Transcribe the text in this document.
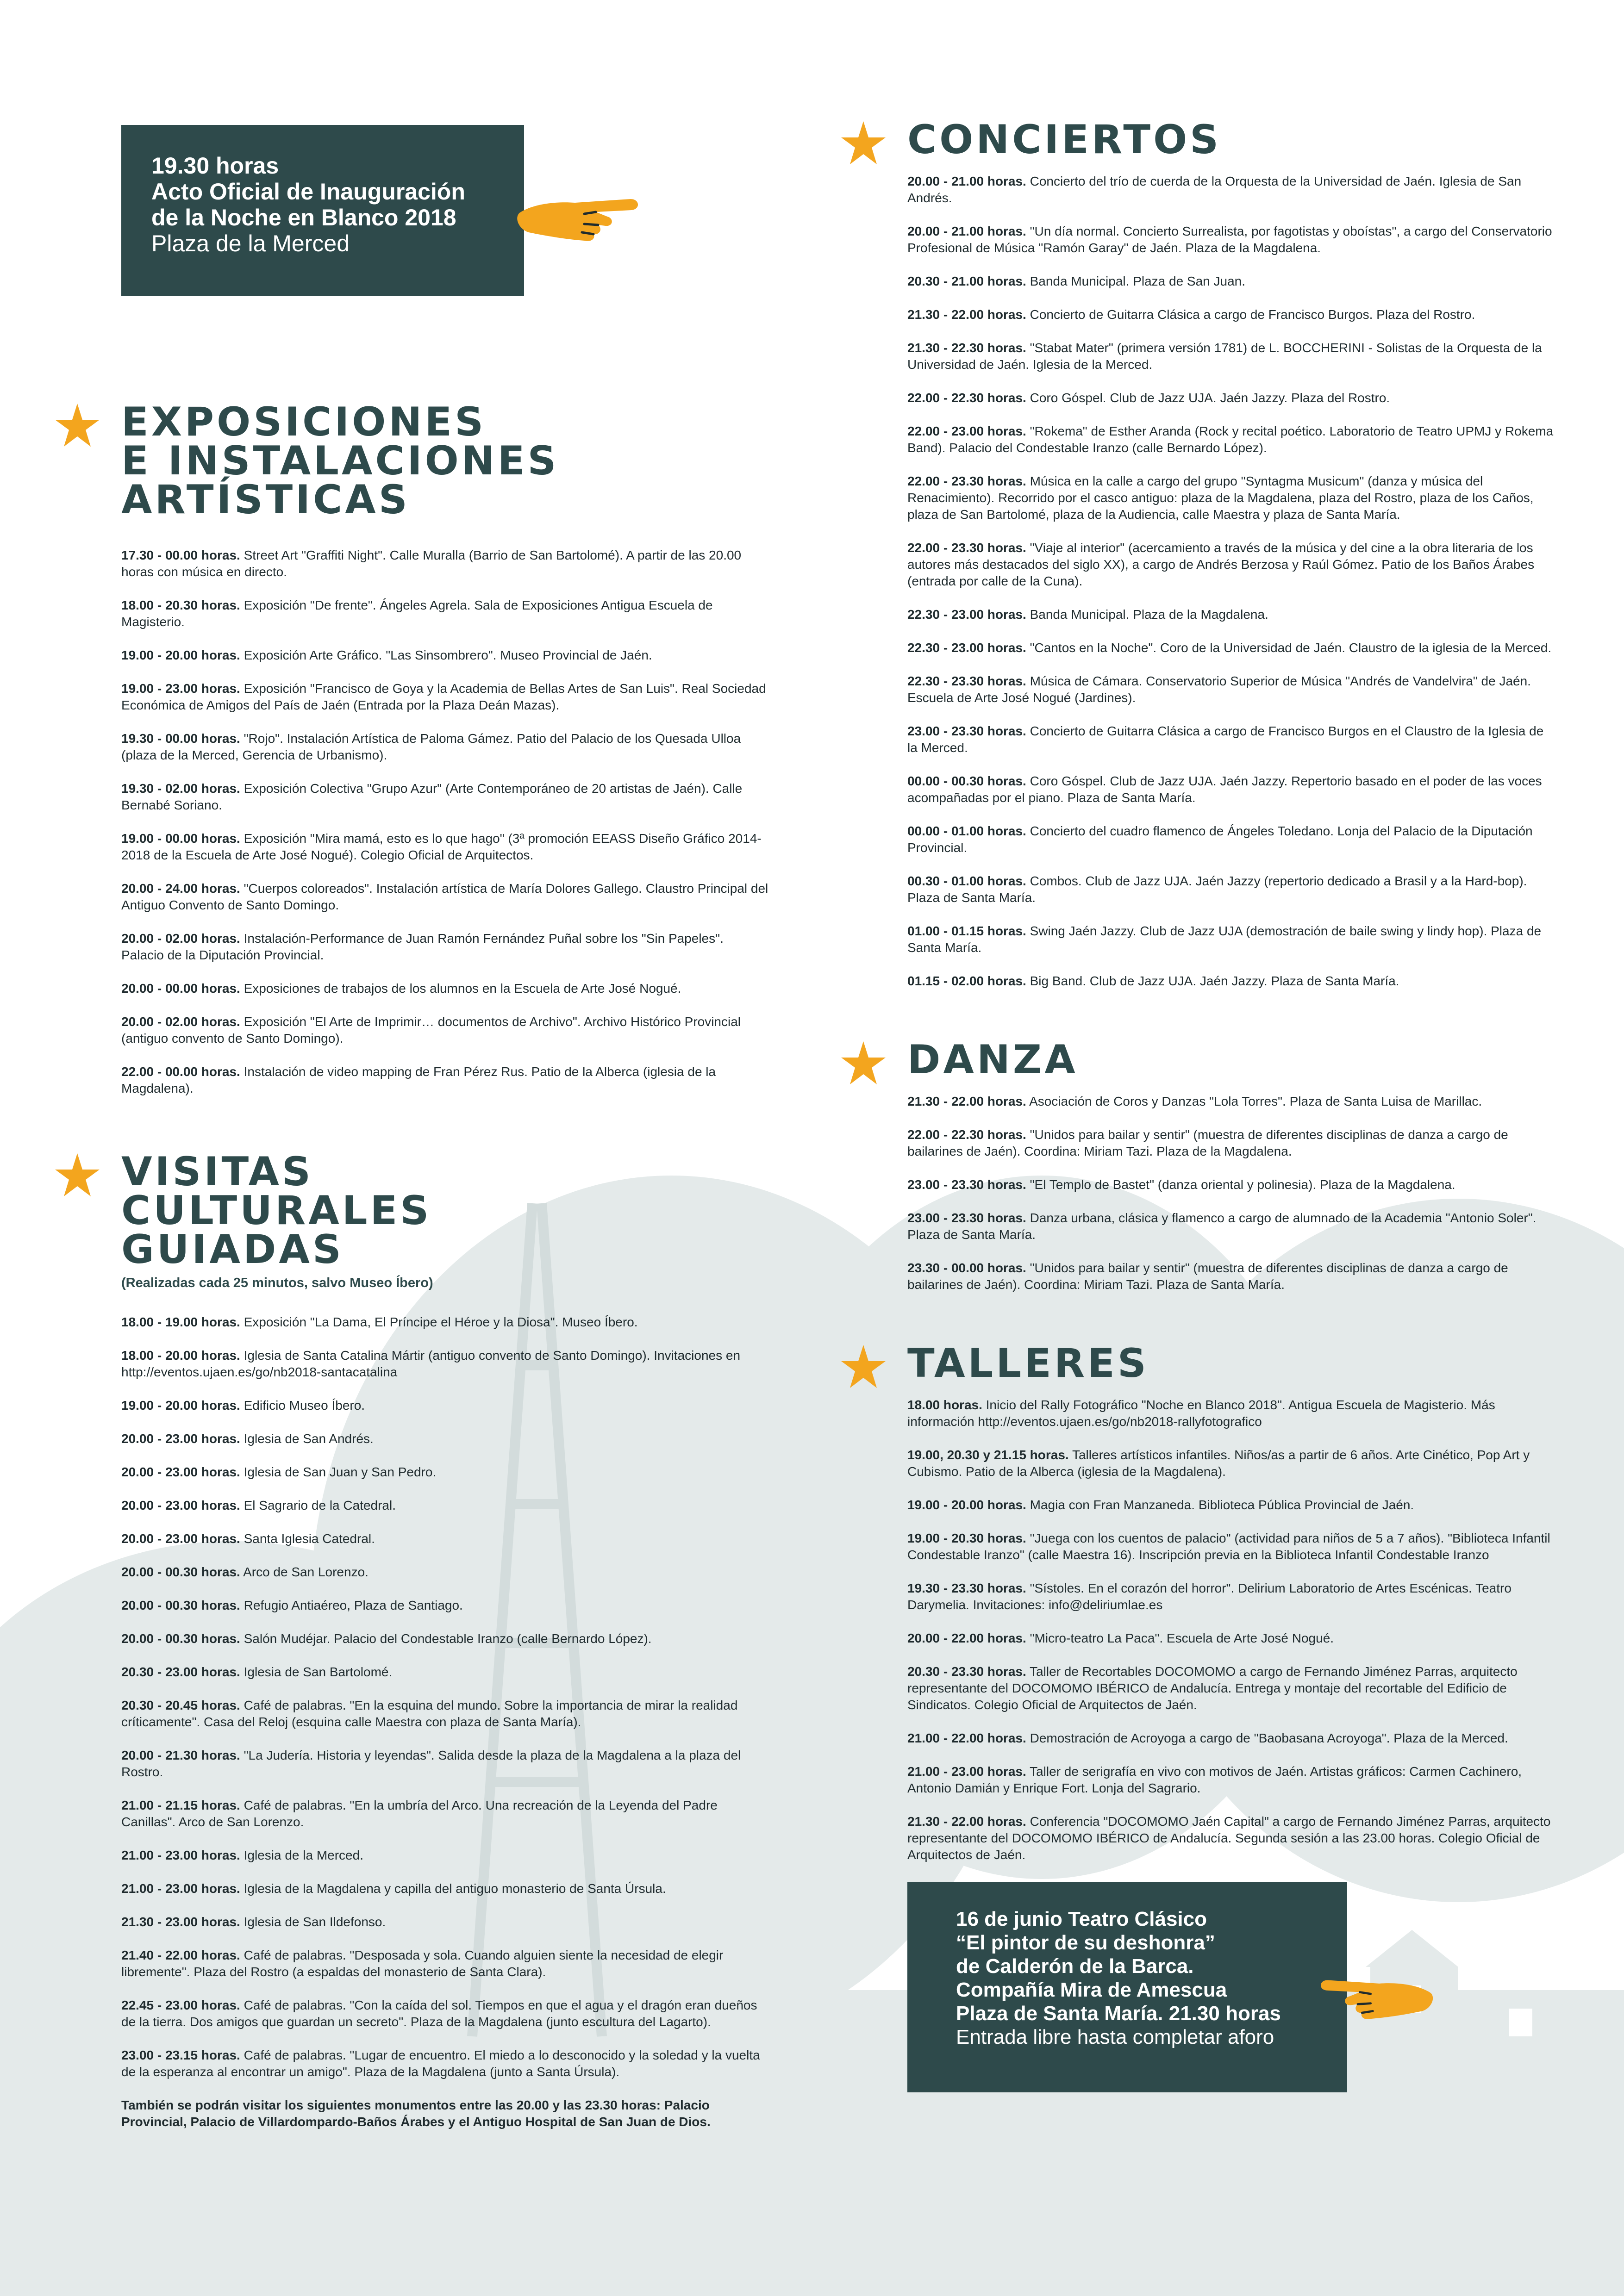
19.30 horas
Acto Oficial de Inauguración
de la Noche en Blanco 2018
Plaza de la Merced
EXPOSICIONES
E INSTALACIONES
ARTÍSTICAS
17.30 - 00.00 horas. Street Art "Graffiti Night". Calle Muralla (Barrio de San Bartolomé). A partir de las 20.00 horas con música en directo.
18.00 - 20.30 horas. Exposición "De frente". Ángeles Agrela. Sala de Exposiciones Antigua Escuela de Magisterio.
19.00 - 20.00 horas. Exposición Arte Gráfico. "Las Sinsombrero". Museo Provincial de Jaén.
19.00 - 23.00 horas. Exposición "Francisco de Goya y la Academia de Bellas Artes de San Luis". Real Sociedad Económica de Amigos del País de Jaén (Entrada por la Plaza Deán Mazas).
19.30 - 00.00 horas. "Rojo". Instalación Artística de Paloma Gámez. Patio del Palacio de los Quesada Ulloa (plaza de la Merced, Gerencia de Urbanismo).
19.30 - 02.00 horas. Exposición Colectiva "Grupo Azur" (Arte Contemporáneo de 20 artistas de Jaén). Calle Bernabé Soriano.
19.00 - 00.00 horas. Exposición "Mira mamá, esto es lo que hago" (3ª promoción EEASS Diseño Gráfico 2014-2018 de la Escuela de Arte José Nogué). Colegio Oficial de Arquitectos.
20.00 - 24.00 horas. "Cuerpos coloreados". Instalación artística de María Dolores Gallego. Claustro Principal del Antiguo Convento de Santo Domingo.
20.00 - 02.00 horas. Instalación-Performance de Juan Ramón Fernández Puñal sobre los "Sin Papeles". Palacio de la Diputación Provincial.
20.00 - 00.00 horas. Exposiciones de trabajos de los alumnos en la Escuela de Arte José Nogué.
20.00 - 02.00 horas. Exposición "El Arte de Imprimir… documentos de Archivo". Archivo Histórico Provincial (antiguo convento de Santo Domingo).
22.00 - 00.00 horas. Instalación de video mapping de Fran Pérez Rus. Patio de la Alberca (iglesia de la Magdalena).
VISITAS
CULTURALES
GUIADAS

(Realizadas cada 25 minutos, salvo Museo Íbero)

18.00 - 19.00 horas. Exposición "La Dama, El Príncipe el Héroe y la Diosa". Museo Íbero.
18.00 - 20.00 horas. Iglesia de Santa Catalina Mártir (antiguo convento de Santo Domingo). Invitaciones en http://eventos.ujaen.es/go/nb2018-santacatalina
19.00 - 20.00 horas. Edificio Museo Íbero.
20.00 - 23.00 horas. Iglesia de San Andrés.
20.00 - 23.00 horas. Iglesia de San Juan y San Pedro.
20.00 - 23.00 horas. El Sagrario de la Catedral.
20.00 - 23.00 horas. Santa Iglesia Catedral.
20.00 - 00.30 horas. Arco de San Lorenzo.
20.00 - 00.30 horas. Refugio Antiaéreo, Plaza de Santiago.
20.00 - 00.30 horas. Salón Mudéjar. Palacio del Condestable Iranzo (calle Bernardo López).
20.30 - 23.00 horas. Iglesia de San Bartolomé.
20.30 - 20.45 horas. Café de palabras. "En la esquina del mundo. Sobre la importancia de mirar la realidad críticamente". Casa del Reloj (esquina calle Maestra con plaza de Santa María).
20.00 - 21.30 horas. "La Judería. Historia y leyendas". Salida desde la plaza de la Magdalena a la plaza del Rostro.
21.00 - 21.15 horas. Café de palabras. "En la umbría del Arco. Una recreación de la Leyenda del Padre Canillas". Arco de San Lorenzo.
21.00 - 23.00 horas. Iglesia de la Merced.
21.00 - 23.00 horas. Iglesia de la Magdalena y capilla del antiguo monasterio de Santa Úrsula.
21.30 - 23.00 horas. Iglesia de San Ildefonso.
21.40 - 22.00 horas. Café de palabras. "Desposada y sola. Cuando alguien siente la necesidad de elegir libremente". Plaza del Rostro (a espaldas del monasterio de Santa Clara).
22.45 - 23.00 horas. Café de palabras. "Con la caída del sol. Tiempos en que el agua y el dragón eran dueños de la tierra. Dos amigos que guardan un secreto". Plaza de la Magdalena (junto escultura del Lagarto).
23.00 - 23.15 horas. Café de palabras. "Lugar de encuentro. El miedo a lo desconocido y la soledad y la vuelta de la esperanza al encontrar un amigo". Plaza de la Magdalena (junto a Santa Úrsula).

También se podrán visitar los siguientes monumentos entre las 20.00 y las 23.30 horas: Palacio Provincial, Palacio de Villardompardo-Baños Árabes y el Antiguo Hospital de San Juan de Dios.

CONCIERTOS
20.00 - 21.00 horas. Concierto del trío de cuerda de la Orquesta de la Universidad de Jaén. Iglesia de San Andrés.
20.00 - 21.00 horas. "Un día normal. Concierto Surrealista, por fagotistas y oboístas", a cargo del Conservatorio Profesional de Música "Ramón Garay" de Jaén. Plaza de la Magdalena.
20.30 - 21.00 horas. Banda Municipal. Plaza de San Juan.
21.30 - 22.00 horas. Concierto de Guitarra Clásica a cargo de Francisco Burgos. Plaza del Rostro.
21.30 - 22.30 horas. "Stabat Mater" (primera versión 1781) de L. BOCCHERINI - Solistas de la Orquesta de la Universidad de Jaén. Iglesia de la Merced.
22.00 - 22.30 horas. Coro Góspel. Club de Jazz UJA. Jaén Jazzy. Plaza del Rostro.
22.00 - 23.00 horas. "Rokema" de Esther Aranda (Rock y recital poético. Laboratorio de Teatro UPMJ y Rokema Band). Palacio del Condestable Iranzo (calle Bernardo López).
22.00 - 23.30 horas. Música en la calle a cargo del grupo "Syntagma Musicum" (danza y música del Renacimiento). Recorrido por el casco antiguo: plaza de la Magdalena, plaza del Rostro, plaza de los Caños, plaza de San Bartolomé, plaza de la Audiencia, calle Maestra y plaza de Santa María.
22.00 - 23.30 horas. "Viaje al interior" (acercamiento a través de la música y del cine a la obra literaria de los autores más destacados del siglo XX), a cargo de Andrés Berzosa y Raúl Gómez. Patio de los Baños Árabes (entrada por calle de la Cuna).
22.30 - 23.00 horas. Banda Municipal. Plaza de la Magdalena.
22.30 - 23.00 horas. "Cantos en la Noche". Coro de la Universidad de Jaén. Claustro de la iglesia de la Merced.
22.30 - 23.30 horas. Música de Cámara. Conservatorio Superior de Música "Andrés de Vandelvira" de Jaén. Escuela de Arte José Nogué (Jardines).
23.00 - 23.30 horas. Concierto de Guitarra Clásica a cargo de Francisco Burgos en el Claustro de la Iglesia de la Merced.
00.00 - 00.30 horas. Coro Góspel. Club de Jazz UJA. Jaén Jazzy. Repertorio basado en el poder de las voces acompañadas por el piano. Plaza de Santa María.
00.00 - 01.00 horas. Concierto del cuadro flamenco de Ángeles Toledano. Lonja del Palacio de la Diputación Provincial.
00.30 - 01.00 horas. Combos. Club de Jazz UJA. Jaén Jazzy (repertorio dedicado a Brasil y a la Hard-bop). Plaza de Santa María.
01.00 - 01.15 horas. Swing Jaén Jazzy. Club de Jazz UJA (demostración de baile swing y lindy hop). Plaza de Santa María.
01.15 - 02.00 horas. Big Band. Club de Jazz UJA. Jaén Jazzy. Plaza de Santa María.
DANZA
21.30 - 22.00 horas. Asociación de Coros y Danzas "Lola Torres". Plaza de Santa Luisa de Marillac.
22.00 - 22.30 horas. "Unidos para bailar y sentir" (muestra de diferentes disciplinas de danza a cargo de bailarines de Jaén). Coordina: Miriam Tazi. Plaza de la Magdalena.
23.00 - 23.30 horas. "El Templo de Bastet" (danza oriental y polinesia). Plaza de la Magdalena.
23.00 - 23.30 horas. Danza urbana, clásica y flamenco a cargo de alumnado de la Academia "Antonio Soler". Plaza de Santa María.
23.30 - 00.00 horas. "Unidos para bailar y sentir" (muestra de diferentes disciplinas de danza a cargo de bailarines de Jaén). Coordina: Miriam Tazi. Plaza de Santa María.
TALLERES
18.00 horas. Inicio del Rally Fotográfico "Noche en Blanco 2018". Antigua Escuela de Magisterio. Más información http://eventos.ujaen.es/go/nb2018-rallyfotografico
19.00, 20.30 y 21.15 horas. Talleres artísticos infantiles. Niños/as a partir de 6 años. Arte Cinético, Pop Art y Cubismo. Patio de la Alberca (iglesia de la Magdalena).
19.00 - 20.00 horas. Magia con Fran Manzaneda. Biblioteca Pública Provincial de Jaén.
19.00 - 20.30 horas. "Juega con los cuentos de palacio" (actividad para niños de 5 a 7 años). "Biblioteca Infantil Condestable Iranzo" (calle Maestra 16). Inscripción previa en la Biblioteca Infantil Condestable Iranzo
19.30 - 23.30 horas. "Sístoles. En el corazón del horror". Delirium Laboratorio de Artes Escénicas. Teatro Darymelia. Invitaciones: info@deliriumlae.es
20.00 - 22.00 horas. "Micro-teatro La Paca". Escuela de Arte José Nogué.
20.30 - 23.30 horas. Taller de Recortables DOCOMOMO a cargo de Fernando Jiménez Parras, arquitecto representante del DOCOMOMO IBÉRICO de Andalucía. Entrega y montaje del recortable del Edificio de Sindicatos. Colegio Oficial de Arquitectos de Jaén.
21.00 - 22.00 horas. Demostración de Acroyoga a cargo de "Baobasana Acroyoga". Plaza de la Merced.
21.00 - 23.00 horas. Taller de serigrafía en vivo con motivos de Jaén. Artistas gráficos: Carmen Cachinero, Antonio Damián y Enrique Fort. Lonja del Sagrario.
21.30 - 22.00 horas. Conferencia "DOCOMOMO Jaén Capital" a cargo de Fernando Jiménez Parras, arquitecto representante del DOCOMOMO IBÉRICO de Andalucía. Segunda sesión a las 23.00 horas. Colegio Oficial de Arquitectos de Jaén.
16 de junio Teatro Clásico
“El pintor de su deshonra”
de Calderón de la Barca.
Compañía Mira de Amescua
Plaza de Santa María. 21.30 horas
Entrada libre hasta completar aforo
